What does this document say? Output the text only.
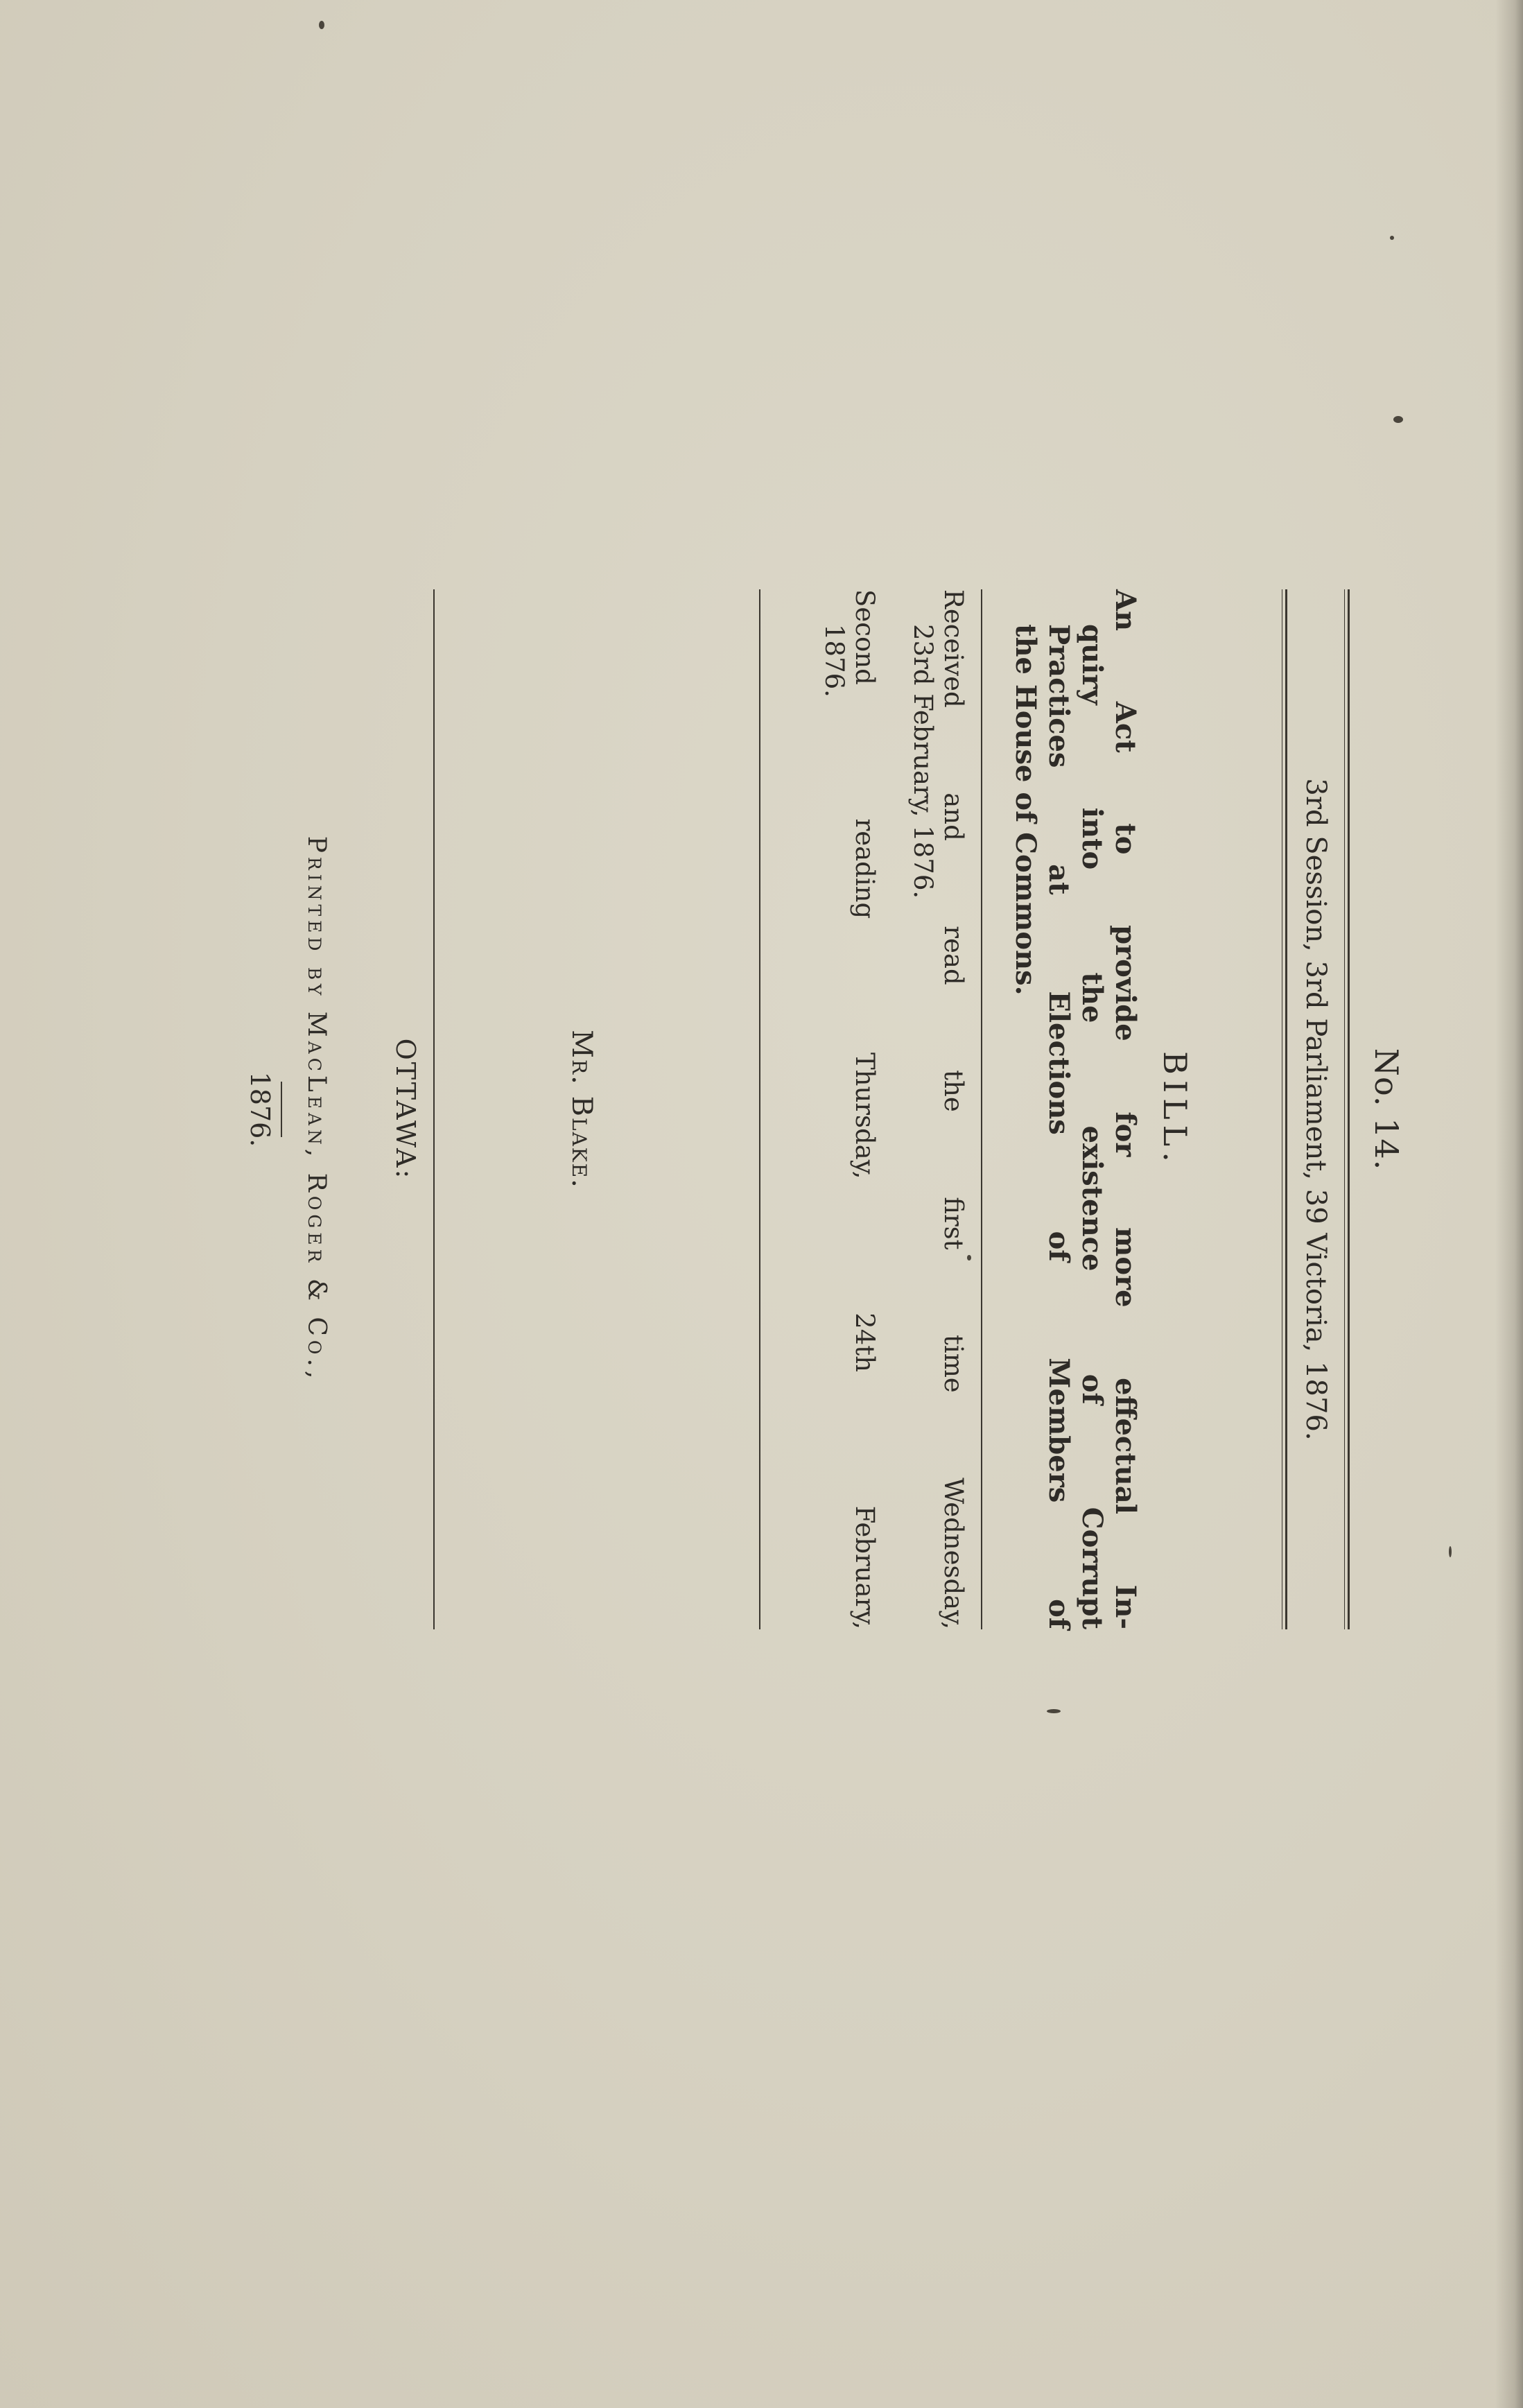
No. 14.
3rd Session, 3rd Parliament, 39 Victoria, 1876.
BILL.
An Act to provide for more effectual In-
quiry into the existence of Corrupt
Practices at Elections of Members of
the House of Commons.
Received and read the first time Wednesday,
23rd February, 1876.
Second reading Thursday, 24th February,
1876.
Mr. Blake.
OTTAWA:
Printed by MacLean, Roger & Co.,
1876.
